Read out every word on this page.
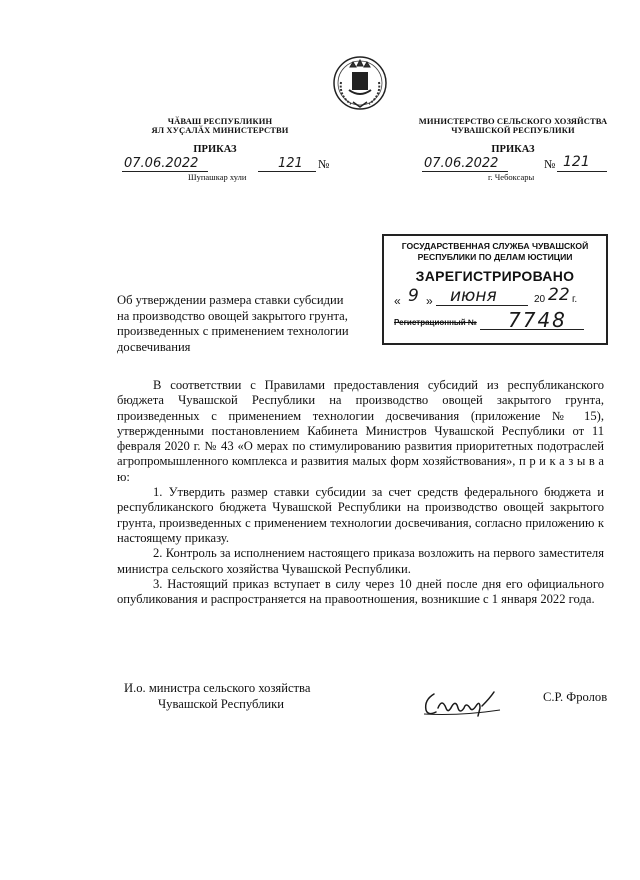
ЧӐВАШ РЕСПУБЛИКИН
ЯЛ ХУҪАЛӐХ МИНИСТЕРСТВИ
ПРИКАЗ
07.06.2022	121 №
Шупашкар хули
МИНИСТЕРСТВО СЕЛЬСКОГО ХОЗЯЙСТВА
ЧУВАШСКОЙ РЕСПУБЛИКИ
ПРИКАЗ
07.06.2022	№ 121
г. Чебоксары
ГОСУДАРСТВЕННАЯ СЛУЖБА ЧУВАШСКОЙ
РЕСПУБЛИКИ ПО ДЕЛАМ ЮСТИЦИИ
ЗАРЕГИСТРИРОВАНО
« 9 » июня	20 22 г.
Регистрационный № 7748
Об утверждении размера ставки субсидии
на производство овощей закрытого грунта,
произведенных с применением технологии
досвечивания

В соответствии с Правилами предоставления субсидий из республиканского бюджета Чувашской Республики на производство овощей закрытого грунта, произведенных с применением технологии досвечивания (приложение № 15), утвержденными постановлением Кабинета Министров Чувашской Республики от 11 февраля 2020 г. № 43 «О мерах по стимулированию развития приоритетных подотраслей агропромышленного комплекса и развития малых форм хозяйствования», п р и к а з ы в а ю:

1. Утвердить размер ставки субсидии за счет средств федерального бюджета и республиканского бюджета Чувашской Республики на производство овощей закрытого грунта, произведенных с применением технологии досвечивания, согласно приложению к настоящему приказу.

2. Контроль за исполнением настоящего приказа возложить на первого заместителя министра сельского хозяйства Чувашской Республики.

3. Настоящий приказ вступает в силу через 10 дней после дня его официального опубликования и распространяется на правоотношения, возникшие с 1 января 2022 года.

И.о. министра сельского хозяйства
Чувашской Республики	С.Р. Фролов
